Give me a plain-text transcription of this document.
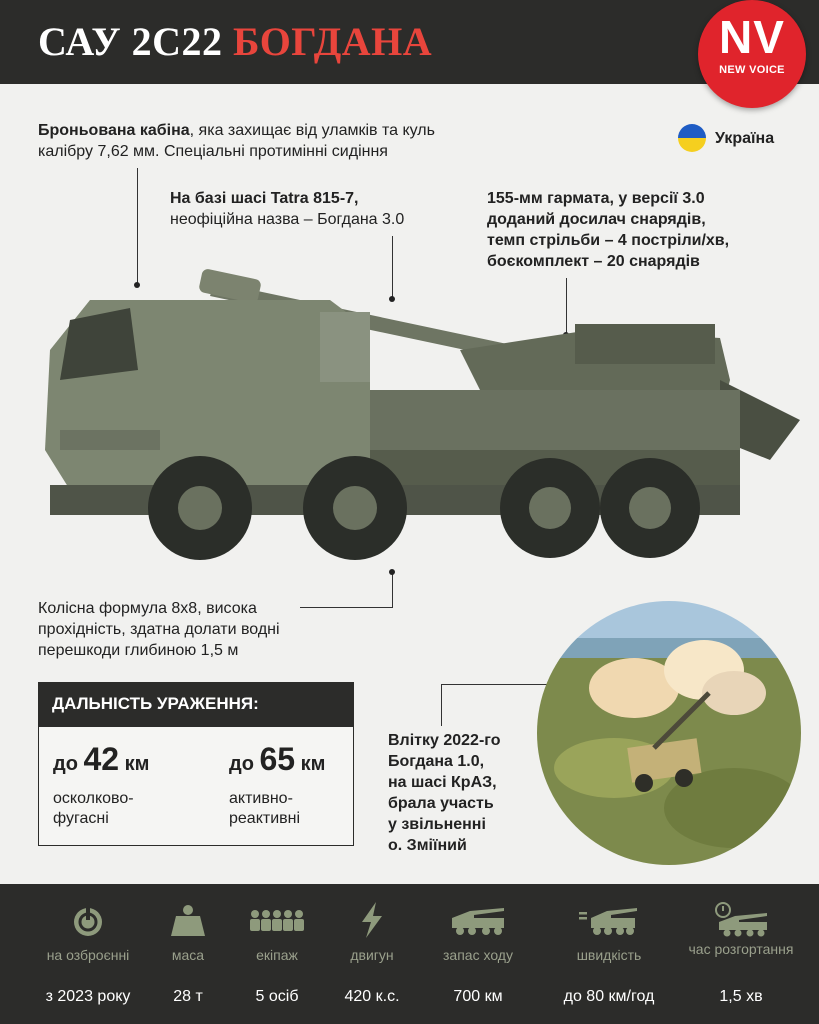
САУ 2С22 БОГДАНА	NV
NEW VOICE
Броньована кабіна, яка захищає від уламків та куль
калібру 7,62 мм. Спеціальні протимінні сидіння
Україна
На базі шасі Tatra 815-7,
неофіційна назва – Богдана 3.0
155-мм гармата, у версії 3.0
доданий досилач снарядів,
темп стрільби – 4 постріли/хв,
боєкомплект – 20 снарядів
Колісна формула 8x8, висока
прохідність, здатна долати водні
перешкоди глибиною 1,5 м
ДАЛЬНІСТЬ УРАЖЕННЯ:
до 42 км
осколково-
фугасні
до 65 км
активно-
реактивні
Влітку 2022-го
Богдана 1.0,
на шасі КрАЗ,
брала участь
у звільненні
о. Зміїний
на озброєнні
з 2023 року
маса
28 т
екіпаж
5 осіб
двигун
420 к.с.
запас ходу
700 км
швидкість
до 80 км/год
час розгортання
1,5 хв
